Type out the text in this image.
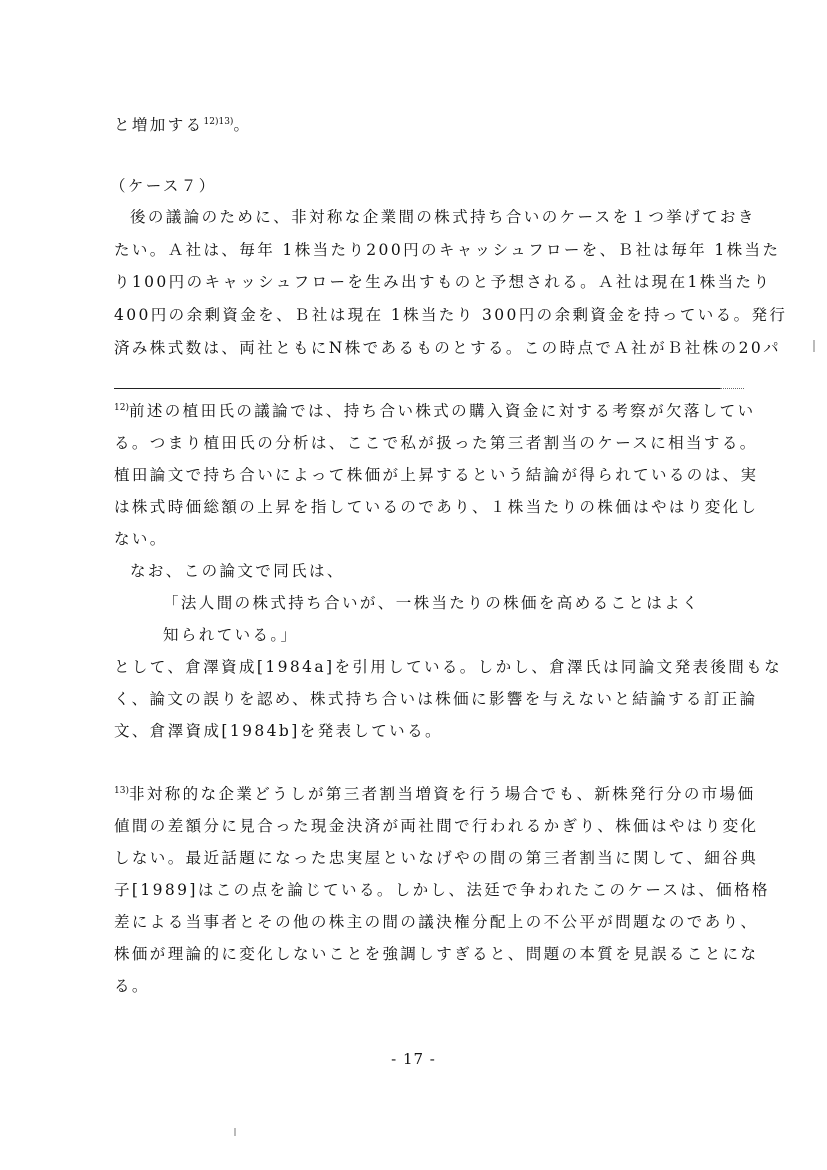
と増加する$^{12)13)}$。
（ケース７）
後の議論のために、非対称な企業間の株式持ち合いのケースを１つ挙げておき
たい。Ａ社は、毎年 1株当たり200円のキャッシュフローを、Ｂ社は毎年 1株当た
り100円のキャッシュフローを生み出すものと予想される。Ａ社は現在1株当たり
400円の余剰資金を、Ｂ社は現在 1株当たり 300円の余剰資金を持っている。発行
済み株式数は、両社ともにN株であるものとする。この時点でＡ社がＢ社株の20パ
$^{12)}$前述の植田氏の議論では、持ち合い株式の購入資金に対する考察が欠落してい
る。つまり植田氏の分析は、ここで私が扱った第三者割当のケースに相当する。
植田論文で持ち合いによって株価が上昇するという結論が得られているのは、実
は株式時価総額の上昇を指しているのであり、１株当たりの株価はやはり変化し
ない。
なお、この論文で同氏は、
「法人間の株式持ち合いが、一株当たりの株価を高めることはよく
知られている。」
として、倉澤資成[1984a]を引用している。しかし、倉澤氏は同論文発表後間もな
く、論文の誤りを認め、株式持ち合いは株価に影響を与えないと結論する訂正論
文、倉澤資成[1984b]を発表している。
$^{13)}$非対称的な企業どうしが第三者割当増資を行う場合でも、新株発行分の市場価
値間の差額分に見合った現金決済が両社間で行われるかぎり、株価はやはり変化
しない。最近話題になった忠実屋といなげやの間の第三者割当に関して、細谷典
子[1989]はこの点を論じている。しかし、法廷で争われたこのケースは、価格格
差による当事者とその他の株主の間の議決権分配上の不公平が問題なのであり、
株価が理論的に変化しないことを強調しすぎると、問題の本質を見誤ることにな
る。
- 17 -
